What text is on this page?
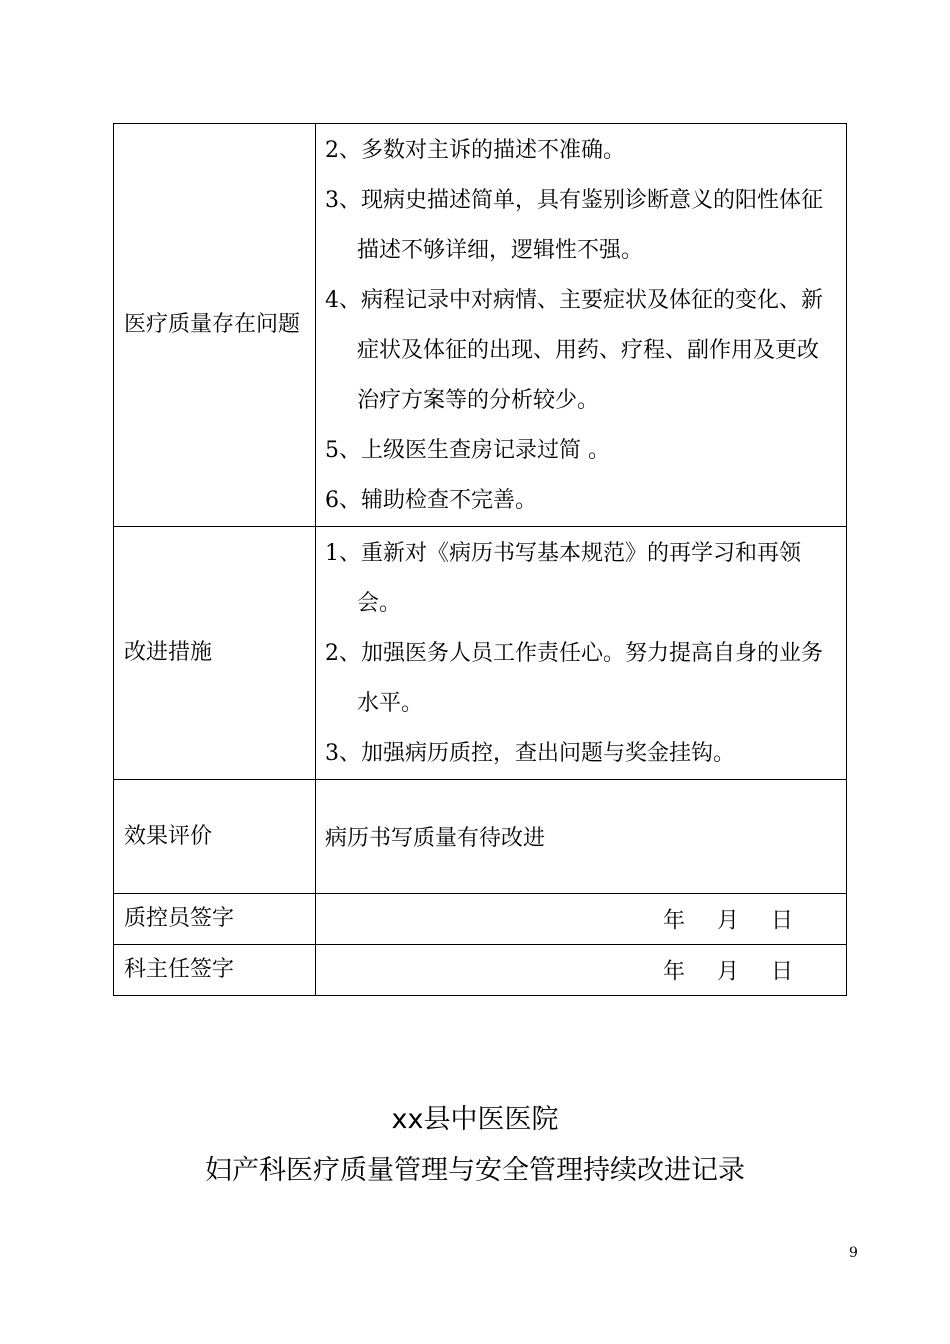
医疗质量存在问题	2、多数对主诉的描述不准确。
3、现病史描述简单，具有鉴别诊断意义的阳性体征描述不够详细，逻辑性不强。
4、病程记录中对病情、主要症状及体征的变化、新症状及体征的出现、用药、疗程、副作用及更改治疗方案等的分析较少。
5、上级医生查房记录过简 。
6、辅助检查不完善。

改进措施	1、重新对《病历书写基本规范》的再学习和再领会。
2、加强医务人员工作责任心。努力提高自身的业务水平。
3、加强病历质控，查出问题与奖金挂钩。

效果评价	病历书写质量有待改进
质控员签字	年 月 日

科主任签字	年 月 日
xx县中医医院
妇产科医疗质量管理与安全管理持续改进记录
9
